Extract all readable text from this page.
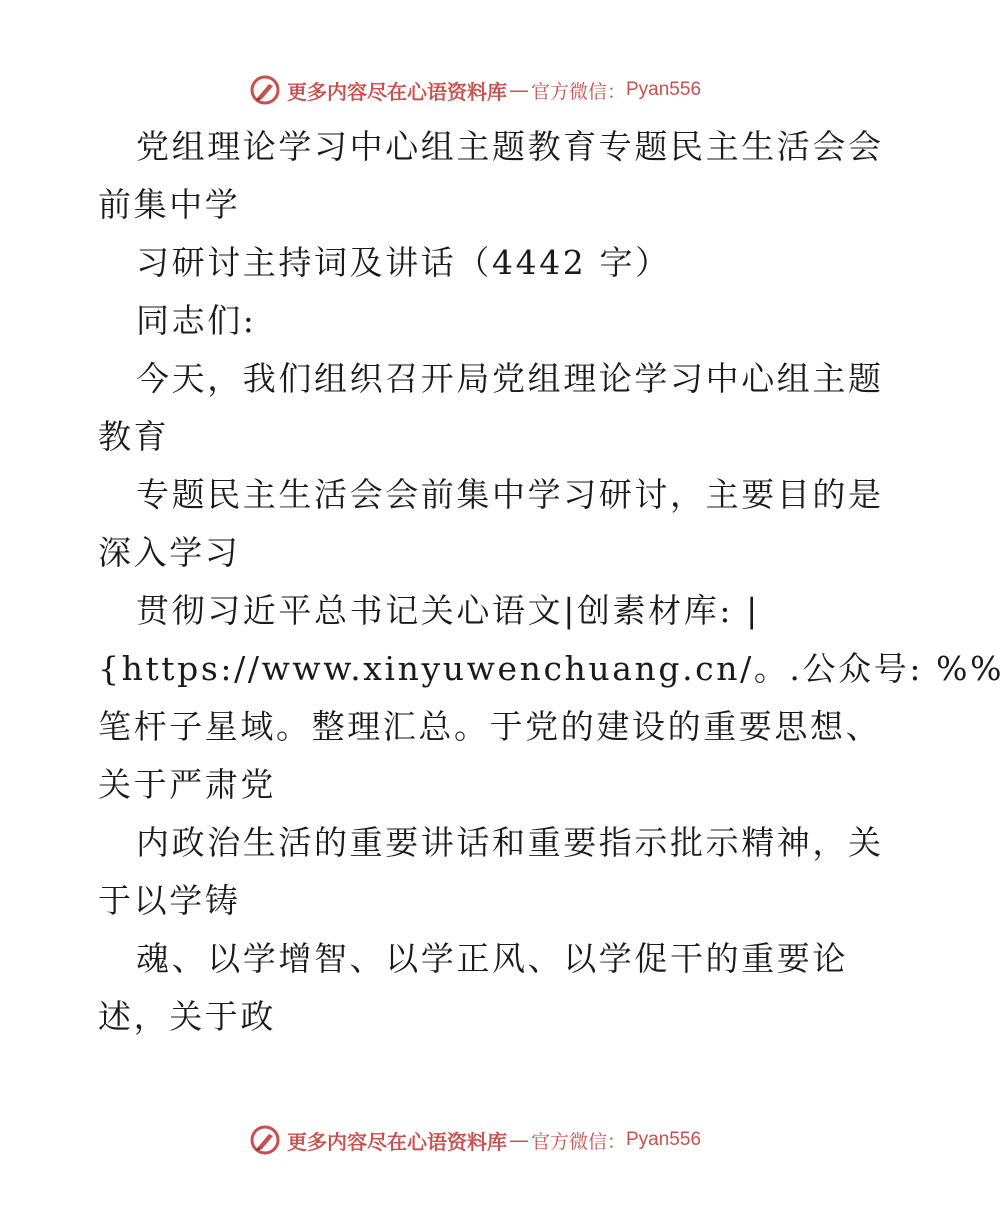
更多内容尽在心语资料库 — 官方微信： Pyan556
党组理论学习中心组主题教育专题民主生活会会
前集中学
习研讨主持词及讲话（4442 字）
同志们:
今天，我们组织召开局党组理论学习中心组主题
教育
专题民主生活会会前集中学习研讨，主要目的是
深入学习
贯彻习近平总书记关心语文|创素材库: |
{https://www.xinyuwenchuang.cn/。.公众号: %%
笔杆子星域。整理汇总。于党的建设的重要思想、
关于严肃党
内政治生活的重要讲话和重要指示批示精神，关
于以学铸
魂、以学增智、以学正风、以学促干的重要论
述，关于政
更多内容尽在心语资料库 — 官方微信： Pyan556
